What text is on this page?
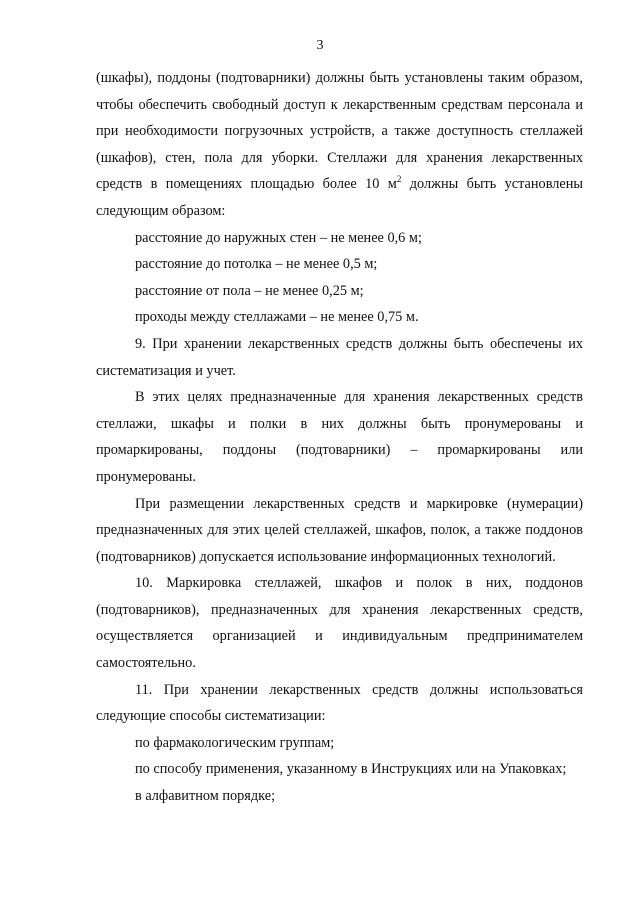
3

(шкафы), поддоны (подтоварники) должны быть установлены таким образом, чтобы обеспечить свободный доступ к лекарственным средствам персонала и при необходимости погрузочных устройств, а также доступность стеллажей (шкафов), стен, пола для уборки. Стеллажи для хранения лекарственных средств в помещениях площадью более 10 $м^2$ должны быть установлены следующим образом:

расстояние до наружных стен – не менее 0,6 м;

расстояние до потолка – не менее 0,5 м;

расстояние от пола – не менее 0,25 м;

проходы между стеллажами – не менее 0,75 м.

9. При хранении лекарственных средств должны быть обеспечены их систематизация и учет.

В этих целях предназначенные для хранения лекарственных средств стеллажи, шкафы и полки в них должны быть пронумерованы и промаркированы, поддоны (подтоварники) – промаркированы или пронумерованы.

При размещении лекарственных средств и маркировке (нумерации) предназначенных для этих целей стеллажей, шкафов, полок, а также поддонов (подтоварников) допускается использование информационных технологий.

10. Маркировка стеллажей, шкафов и полок в них, поддонов (подтоварников), предназначенных для хранения лекарственных средств, осуществляется организацией и индивидуальным предпринимателем самостоятельно.

11. При хранении лекарственных средств должны использоваться следующие способы систематизации:

по фармакологическим группам;

по способу применения, указанному в Инструкциях или на Упаковках;

в алфавитном порядке;
